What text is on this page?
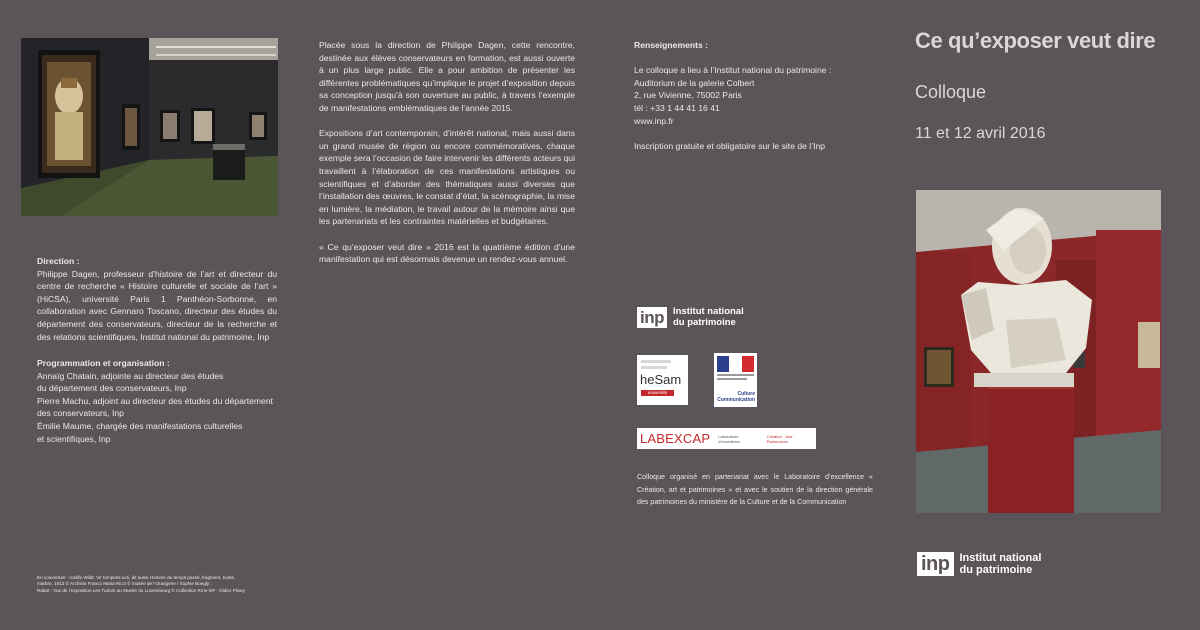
Direction :

Philippe Dagen, professeur d’histoire de l’art et directeur du centre de recherche « Histoire culturelle et sociale de l’art » (HiCSA), université Paris 1 Panthéon-Sorbonne, en collaboration avec Gennaro Toscano, directeur des études du département des conservateurs, directeur de la recherche et des relations scientifiques, Institut national du patrimoine, Inp

Programmation et organisation :

Annaïg Chatain, adjointe au directeur des études

du département des conservateurs, Inp

Pierre Machu, adjoint au directeur des études du département

des conservateurs, Inp

Émilie Maume, chargée des manifestations culturelles

et scientifiques, Inp

En couverture : Adolfo Wildt, Vir temporis acti, dit aussi Homme du temps passé, fragment, buste,

marbre, 1913 © Archivio Franco Maria Ricci © musée de l’Orangerie / Sophie Boegly ;

Rabat : Vue de l’exposition Les Tudors au Musée du Luxembourg © Collection Rmn-GP - Didier Plowy

Placée sous la direction de Philippe Dagen, cette rencontre, destinée aux élèves conservateurs en formation, est aussi ouverte à un plus large public. Elle a pour ambition de présenter les différentes problématiques qu’implique le projet d’exposition depuis sa conception jusqu’à son ouverture au public, à travers l’exemple de manifestations emblématiques de l’année 2015.

Expositions d’art contemporain, d’intérêt national, mais aussi dans un grand musée de région ou encore commémoratives, chaque exemple sera l’occasion de faire intervenir les différents acteurs qui travaillent à l’élaboration de ces manifestations artistiques ou scientifiques et d’aborder des thématiques aussi diverses que l’installation des œuvres, le constat d’état, la scénographie, la mise en lumière, la médiation, le travail autour de la mémoire ainsi que les partenariats et les contraintes matérielles et budgétaires.

« Ce qu’exposer veut dire » 2016 est la quatrième édition d’une manifestation qui est désormais devenue un rendez-vous annuel.

Renseignements :

Le colloque a lieu à l’Institut national du patrimoine :

Auditorium de la galerie Colbert

2, rue Vivienne, 75002 Paris

tél : +33 1 44 41 16 41

www.inp.fr

Inscription gratuite et obligatoire sur le site de l’Inp

inp Institut national
du patrimoine
heSam
université	Culture Communication
LABEXCAP Laboratoire d’excellence
Création · Arts · Patrimoines

Colloque organisé en partenariat avec le Laboratoire d’excellence « Création, art et patrimoines » et avec le soutien de la direction générale des patrimoines du ministère de la Culture et de la Communication

Ce qu’exposer veut dire
Colloque
11 et 12 avril 2016
inp Institut national
du patrimoine
